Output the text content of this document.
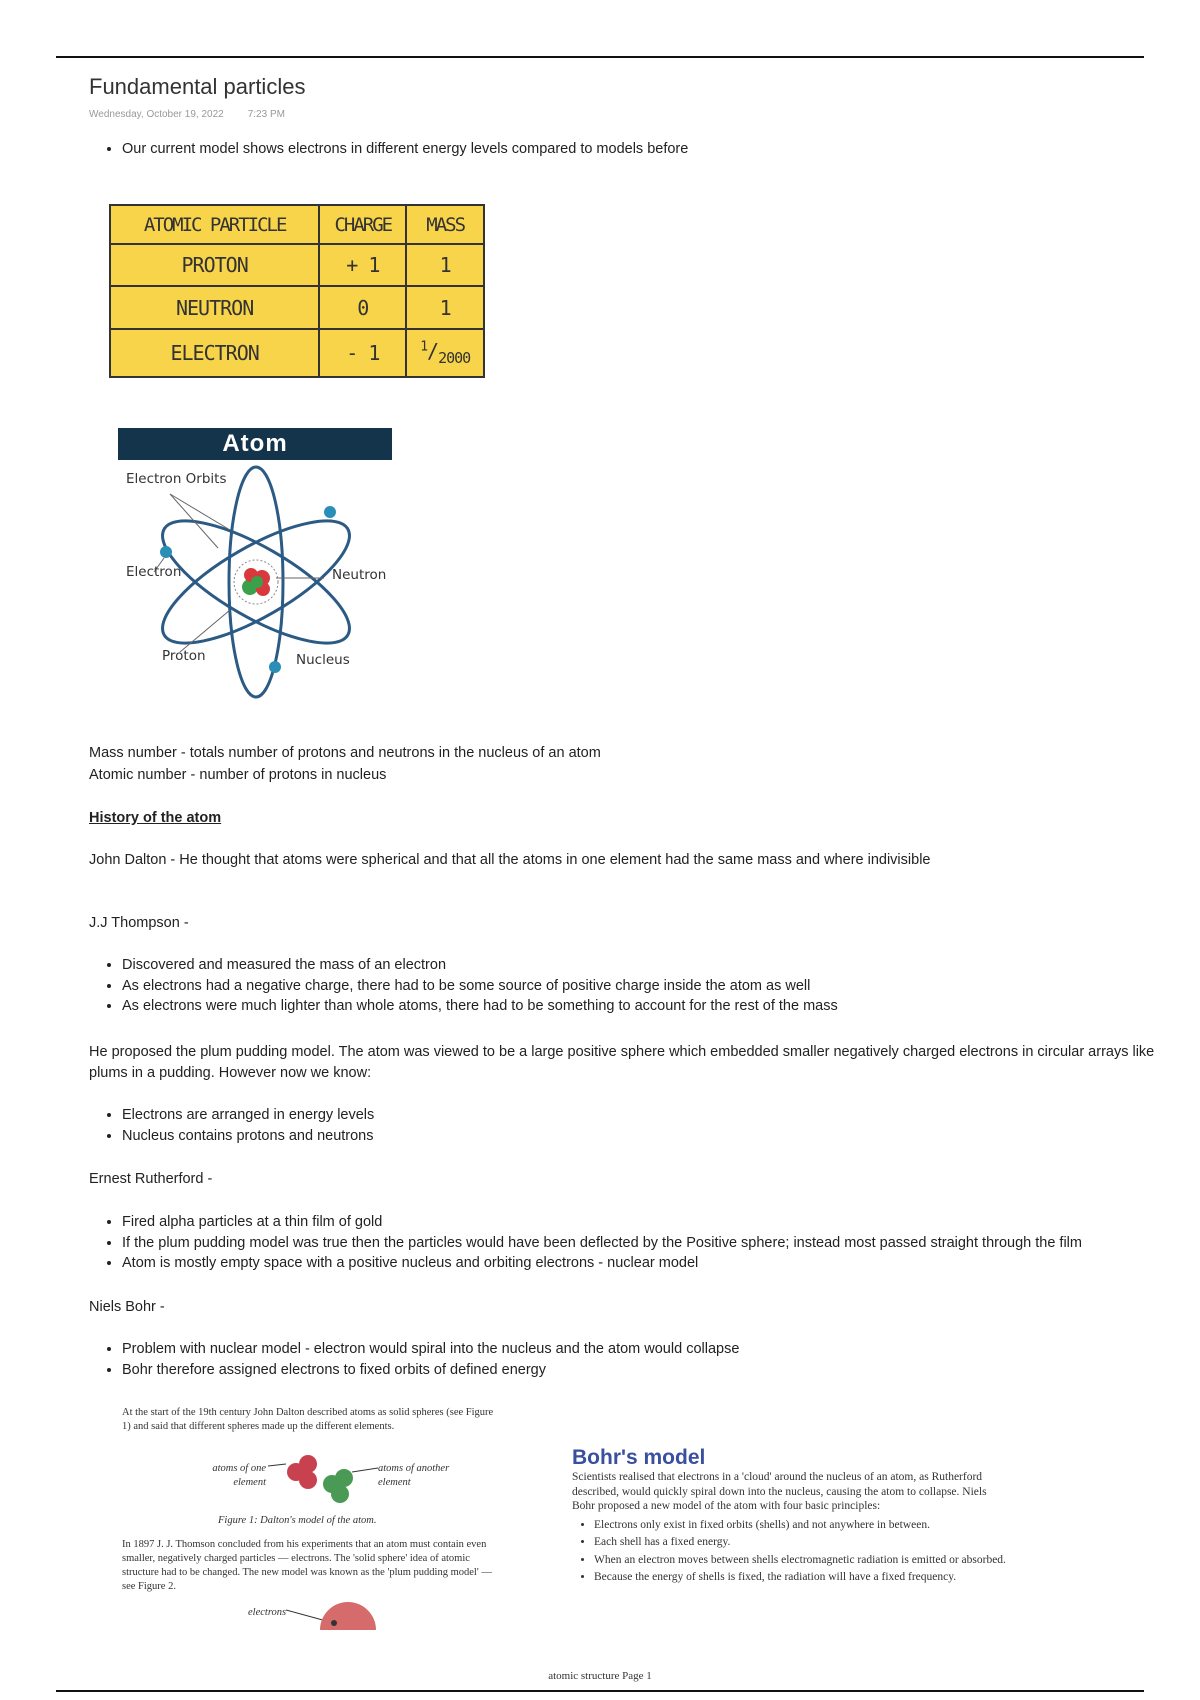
Fundamental particles
Wednesday, October 19, 2022 7:23 PM
• Our current model shows electrons in different energy levels compared to models before
ATOMIC PARTICLE	CHARGE	MASS
PROTON	+ 1	1
NEUTRON	0	1
ELECTRON	- 1	$^1/_{2000}$
Atom
Electron Orbits
Electron	Neutron
Proton	Nucleus
Mass number - totals number of protons and neutrons in the nucleus of an atom
Atomic number - number of protons in nucleus
History of the atom
John Dalton - He thought that atoms were spherical and that all the atoms in one element had the same mass and where indivisible
J.J Thompson -
• Discovered and measured the mass of an electron
• As electrons had a negative charge, there had to be some source of positive charge inside the atom as well
• As electrons were much lighter than whole atoms, there had to be something to account for the rest of the mass
He proposed the plum pudding model. The atom was viewed to be a large positive sphere which embedded smaller negatively charged electrons in circular arrays like plums in a pudding. However now we know:
• Electrons are arranged in energy levels
• Nucleus contains protons and neutrons
Ernest Rutherford -
• Fired alpha particles at a thin film of gold
• If the plum pudding model was true then the particles would have been deflected by the Positive sphere; instead most passed straight through the film
• Atom is mostly empty space with a positive nucleus and orbiting electrons - nuclear model
Niels Bohr -
• Problem with nuclear model - electron would spiral into the nucleus and the atom would collapse
• Bohr therefore assigned electrons to fixed orbits of defined energy
At the start of the 19th century John Dalton described atoms as solid spheres (see Figure 1) and said that different spheres made up the different elements.
atoms of one element
atoms of another element
Figure 1: Dalton's model of the atom.
In 1897 J. J. Thomson concluded from his experiments that an atom must contain even smaller, negatively charged particles — electrons. The 'solid sphere' idea of atomic structure had to be changed. The new model was known as the 'plum pudding model' — see Figure 2.
electrons
Bohr's model
Scientists realised that electrons in a 'cloud' around the nucleus of an atom, as Rutherford described, would quickly spiral down into the nucleus, causing the atom to collapse. Niels Bohr proposed a new model of the atom with four basic principles:
• Electrons only exist in fixed orbits (shells) and not anywhere in between.
• Each shell has a fixed energy.
• When an electron moves between shells electromagnetic radiation is emitted or absorbed.
• Because the energy of shells is fixed, the radiation will have a fixed frequency.
atomic structure Page 1
